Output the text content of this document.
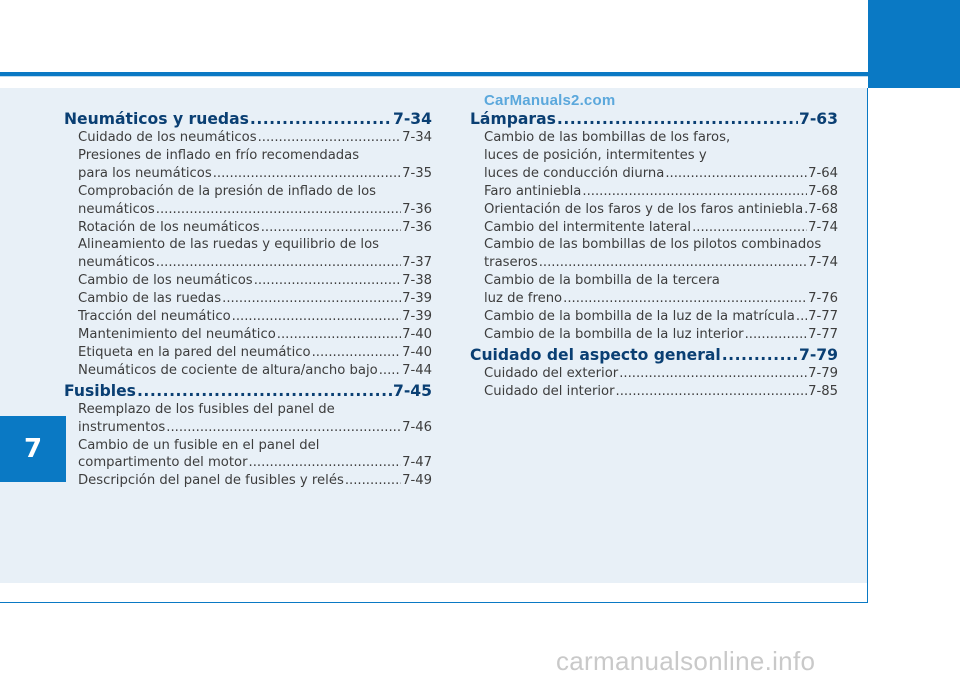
7
CarManuals2.com
Neumáticos y ruedas .....	7-34
Cuidado de los neumáticos .....	7-34
Presiones de inflado en frío recomendadas
para los neumáticos .....	7-35
Comprobación de la presión de inflado de los
neumáticos .....	7-36
Rotación de los neumáticos .....	7-36
Alineamiento de las ruedas y equilibrio de los
neumáticos .....	7-37
Cambio de los neumáticos .....	7-38
Cambio de las ruedas .....	7-39
Tracción del neumático .....	7-39
Mantenimiento del neumático .....	7-40
Etiqueta en la pared del neumático .....	7-40
Neumáticos de cociente de altura/ancho bajo ..... 7-44
Fusibles .....	7-45
Reemplazo de los fusibles del panel de
instrumentos .....	7-46
Cambio de un fusible en el panel del
compartimento del motor .....	7-47
Descripción del panel de fusibles y relés .....	7-49
Lámparas .....	7-63
Cambio de las bombillas de los faros,
luces de posición, intermitentes y
luces de conducción diurna .....	7-64
Faro antiniebla .....	7-68
Orientación de los faros y de los faros antiniebla ..... 7-68
Cambio del intermitente lateral .....	7-74
Cambio de las bombillas de los pilotos combinados
traseros .....	7-74
Cambio de la bombilla de la tercera
luz de freno .....	7-76
Cambio de la bombilla de la luz de la matrícula ..... 7-77
Cambio de la bombilla de la luz interior .....	7-77
Cuidado del aspecto general .....	7-79
Cuidado del exterior .....	7-79
Cuidado del interior .....	7-85
carmanualsonline.info
